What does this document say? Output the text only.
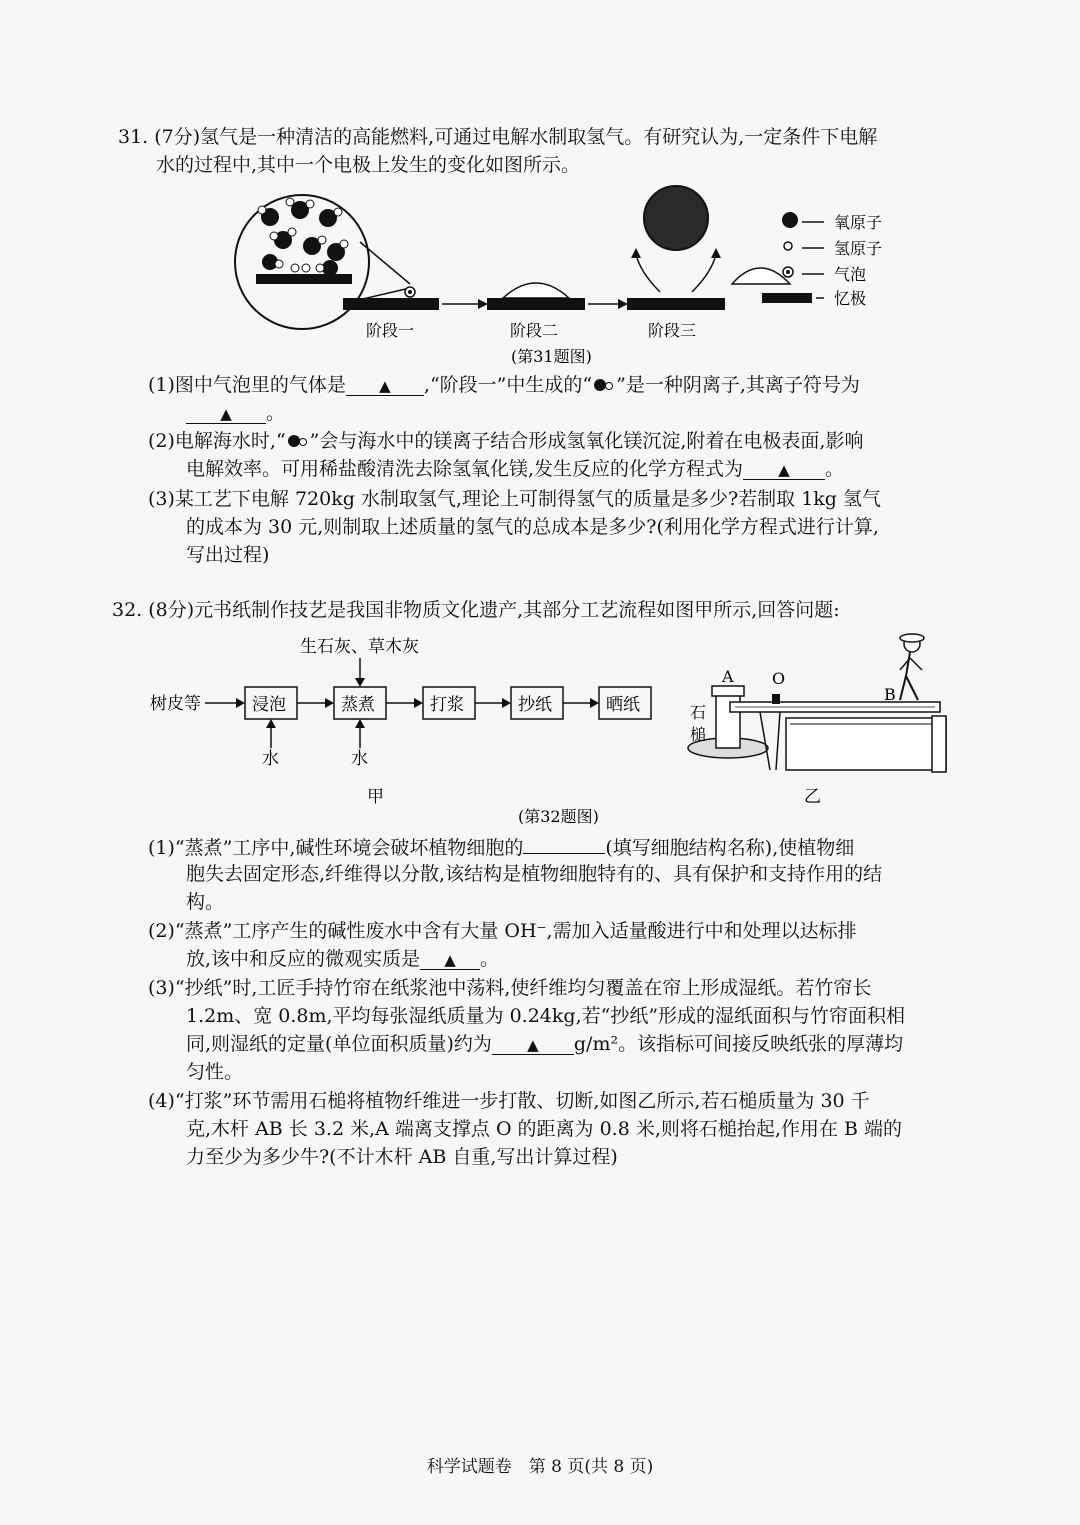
31. (7分)氢气是一种清洁的高能燃料,可通过电解水制取氢气。有研究认为,一定条件下电解
水的过程中,其中一个电极上发生的变化如图所示。
氧原子
氢原子
气泡
忆极
阶段一	阶段二	阶段三
(第31题图)
(1)图中气泡里的气体是 ▲ ,“阶段一”中生成的“ ”是一种阴离子,其离子符号为
▲ 。
(2)电解海水时,“ ”会与海水中的镁离子结合形成氢氧化镁沉淀,附着在电极表面,影响
电解效率。可用稀盐酸清洗去除氢氧化镁,发生反应的化学方程式为 ▲ 。
(3)某工艺下电解 720kg 水制取氢气,理论上可制得氢气的质量是多少?若制取 1kg 氢气
的成本为 30 元,则制取上述质量的氢气的总成本是多少?(利用化学方程式进行计算,
写出过程)
32. (8分)元书纸制作技艺是我国非物质文化遗产,其部分工艺流程如图甲所示,回答问题:
树皮等	浸泡	蒸煮	打浆	抄纸	晒纸
生石灰、草木灰
水	水
甲
A O
B
石
槌
乙
(第32题图)
(1)“蒸煮”工序中,碱性环境会破坏植物细胞的	(填写细胞结构名称),使植物细
胞失去固定形态,纤维得以分散,该结构是植物细胞特有的、具有保护和支持作用的结
构。
(2)“蒸煮”工序产生的碱性废水中含有大量 OH⁻,需加入适量酸进行中和处理以达标排
放,该中和反应的微观实质是 ▲ 。
(3)“抄纸”时,工匠手持竹帘在纸浆池中荡料,使纤维均匀覆盖在帘上形成湿纸。若竹帘长
1.2m、宽 0.8m,平均每张湿纸质量为 0.24kg,若“抄纸”形成的湿纸面积与竹帘面积相
同,则湿纸的定量(单位面积质量)约为 ▲ g/m²。该指标可间接反映纸张的厚薄均
匀性。
(4)“打浆”环节需用石槌将植物纤维进一步打散、切断,如图乙所示,若石槌质量为 30 千
克,木杆 AB 长 3.2 米,A 端离支撑点 O 的距离为 0.8 米,则将石槌抬起,作用在 B 端的
力至少为多少牛?(不计木杆 AB 自重,写出计算过程)
科学试题卷　第 8 页(共 8 页)
